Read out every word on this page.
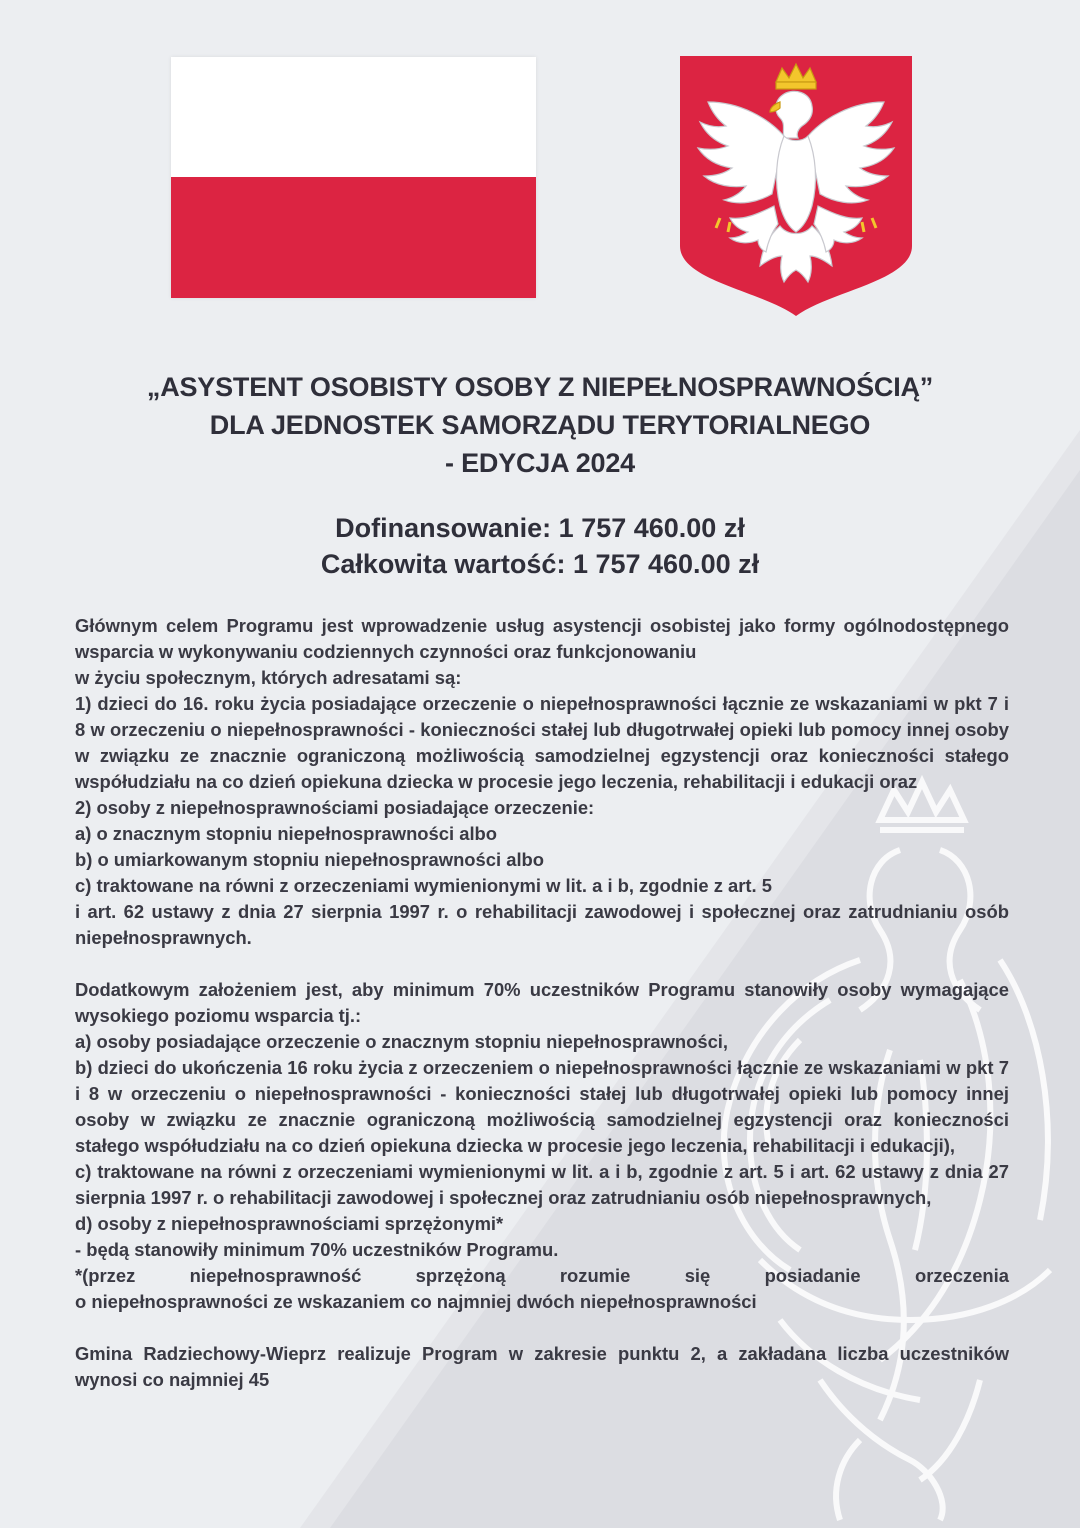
„ASYSTENT OSOBISTY OSOBY Z NIEPEŁNOSPRAWNOŚCIĄ”
DLA JEDNOSTEK SAMORZĄDU TERYTORIALNEGO
- EDYCJA 2024
Dofinansowanie: 1 757 460.00 zł
Całkowita wartość: 1 757 460.00 zł

Głównym celem Programu jest wprowadzenie usług asystencji osobistej jako formy ogólnodostępnego wsparcia w wykonywaniu codziennych czynności oraz funkcjonowaniu

w życiu społecznym, których adresatami są:

1) dzieci do 16. roku życia posiadające orzeczenie o niepełnosprawności łącznie ze wskazaniami w pkt 7 i 8 w orzeczeniu o niepełnosprawności - konieczności stałej lub długotrwałej opieki lub pomocy innej osoby w związku ze znacznie ograniczoną możliwością samodzielnej egzystencji oraz konieczności stałego współudziału na co dzień opiekuna dziecka w procesie jego leczenia, rehabilitacji i edukacji oraz

2) osoby z niepełnosprawnościami posiadające orzeczenie:

a) o znacznym stopniu niepełnosprawności albo

b) o umiarkowanym stopniu niepełnosprawności albo

c) traktowane na równi z orzeczeniami wymienionymi w lit. a i b, zgodnie z art. 5

i art. 62 ustawy z dnia 27 sierpnia 1997 r. o rehabilitacji zawodowej i społecznej oraz zatrudnianiu osób niepełnosprawnych.

Dodatkowym założeniem jest, aby minimum 70% uczestników Programu stanowiły osoby wymagające wysokiego poziomu wsparcia tj.:

a) osoby posiadające orzeczenie o znacznym stopniu niepełnosprawności,

b) dzieci do ukończenia 16 roku życia z orzeczeniem o niepełnosprawności łącznie ze wskazaniami w pkt 7 i 8 w orzeczeniu o niepełnosprawności - konieczności stałej lub długotrwałej opieki lub pomocy innej osoby w związku ze znacznie ograniczoną możliwością samodzielnej egzystencji oraz konieczności stałego współudziału na co dzień opiekuna dziecka w procesie jego leczenia, rehabilitacji i edukacji),

c) traktowane na równi z orzeczeniami wymienionymi w lit. a i b, zgodnie z art. 5 i art. 62 ustawy z dnia 27 sierpnia 1997 r. o rehabilitacji zawodowej i społecznej oraz zatrudnianiu osób niepełnosprawnych,

d) osoby z niepełnosprawnościami sprzężonymi*

- będą stanowiły minimum 70% uczestników Programu.

*(przez niepełnosprawność sprzężoną rozumie się posiadanie orzeczenia

o niepełnosprawności ze wskazaniem co najmniej dwóch niepełnosprawności

Gmina Radziechowy-Wieprz realizuje Program w zakresie punktu 2, a zakładana liczba uczestników wynosi co najmniej 45
